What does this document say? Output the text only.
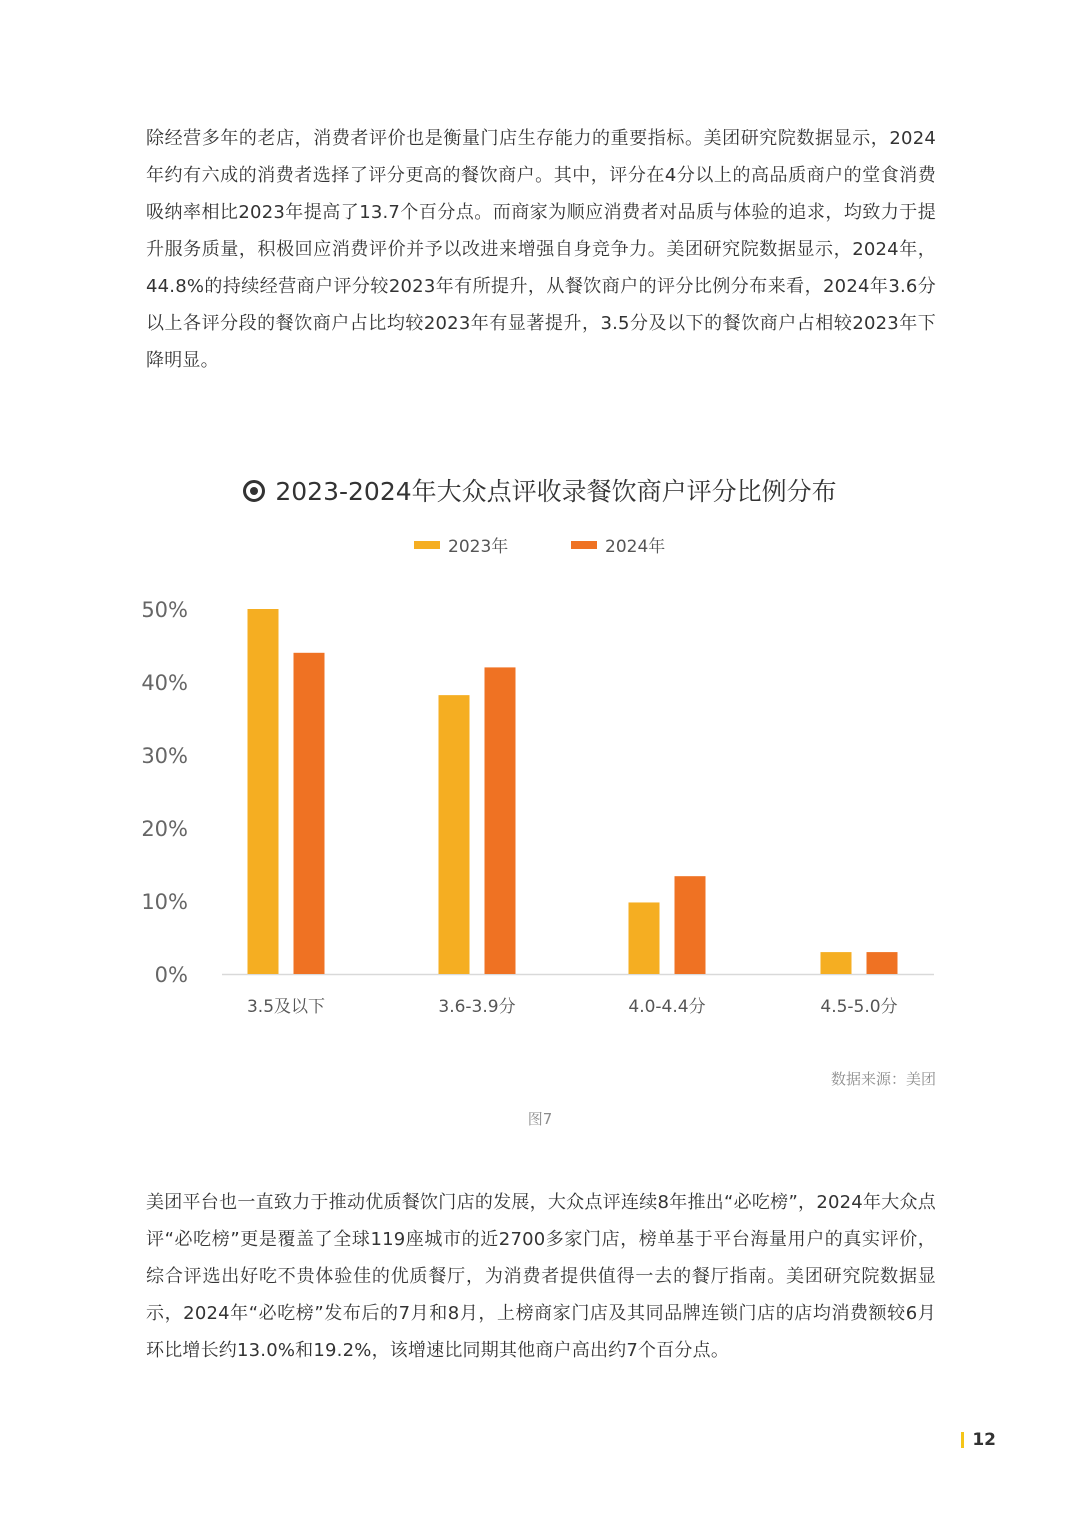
除经营多年的老店，消费者评价也是衡量门店生存能力的重要指标。美团研究院数据显示，2024年约有六成的消费者选择了评分更高的餐饮商户。其中，评分在4分以上的高品质商户的堂食消费吸纳率相比2023年提高了13.7个百分点。而商家为顺应消费者对品质与体验的追求，均致力于提升服务质量，积极回应消费评价并予以改进来增强自身竞争力。美团研究院数据显示，2024年，44.8%的持续经营商户评分较2023年有所提升，从餐饮商户的评分比例分布来看，2024年3.6分以上各评分段的餐饮商户占比均较2023年有显著提升，3.5分及以下的餐饮商户占相较2023年下降明显。
2023-2024年大众点评收录餐饮商户评分比例分布
2023年	2024年
0%
10%
20%
30%
40%
50%
3.5及以下	3.6-3.9分	4.0-4.4分	4.5-5.0分
数据来源：美团
图7
美团平台也一直致力于推动优质餐饮门店的发展，大众点评连续8年推出“必吃榜”，2024年大众点评“必吃榜”更是覆盖了全球119座城市的近2700多家门店，榜单基于平台海量用户的真实评价，综合评选出好吃不贵体验佳的优质餐厅，为消费者提供值得一去的餐厅指南。美团研究院数据显示，2024年“必吃榜”发布后的7月和8月，上榜商家门店及其同品牌连锁门店的店均消费额较6月环比增长约13.0%和19.2%，该增速比同期其他商户高出约7个百分点。
12
